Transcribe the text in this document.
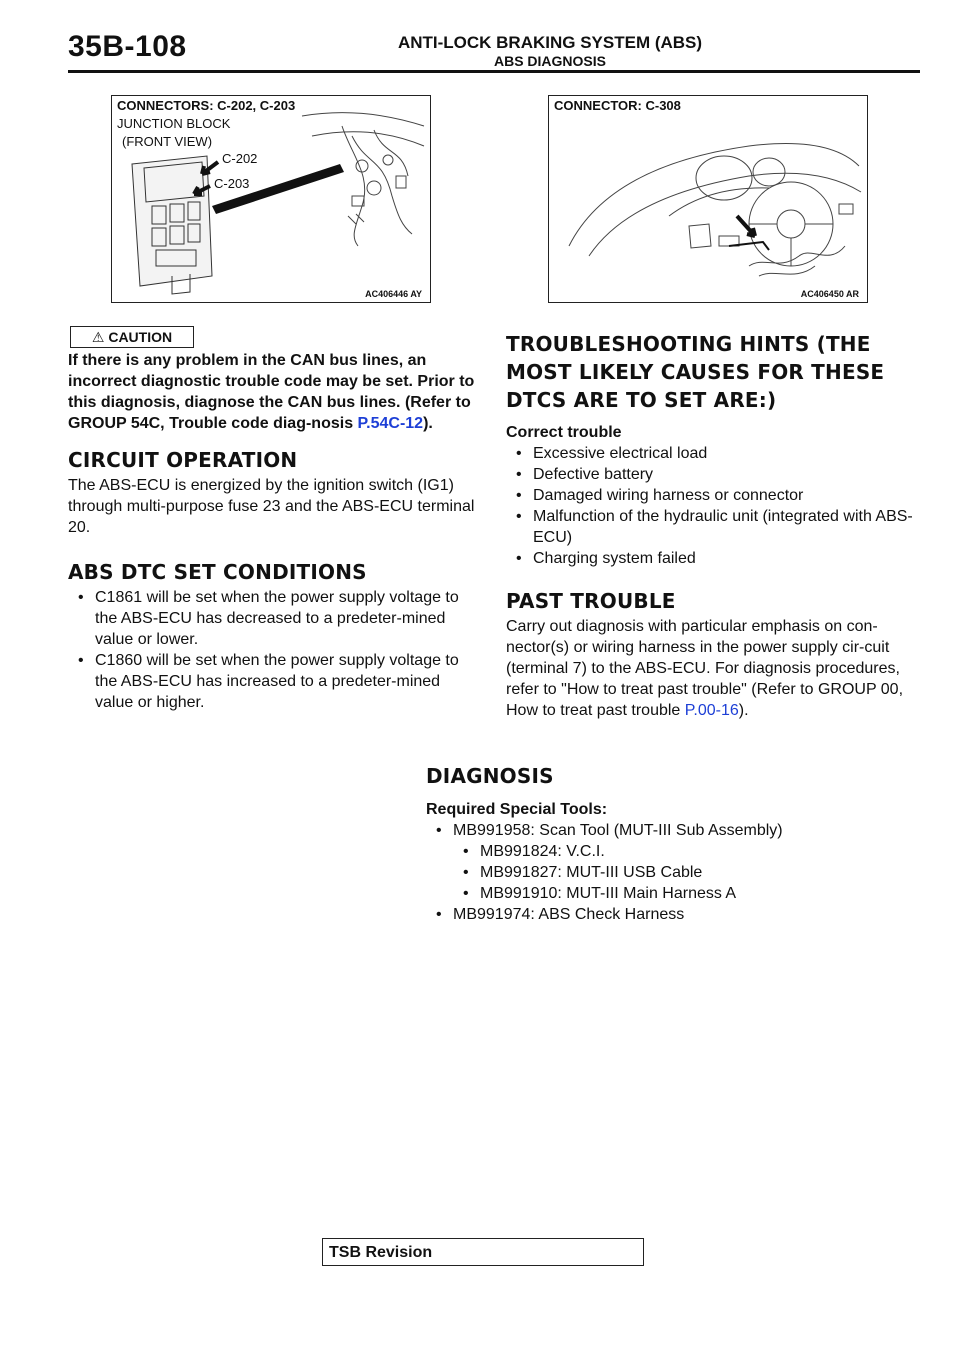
35B-108	ANTI-LOCK BRAKING SYSTEM (ABS)
ABS DIAGNOSIS
CONNECTORS: C-202, C-203
JUNCTION BLOCK
(FRONT VIEW)
C-202
C-203
AC406446 AY
CONNECTOR: C-308
AC406450 AR
⚠ CAUTION

If there is any problem in the CAN bus lines, an incorrect diagnostic trouble code may be set. Prior to this diagnosis, diagnose the CAN bus lines. (Refer to GROUP 54C, Trouble code diag-nosis P.54C-12).

CIRCUIT OPERATION

The ABS-ECU is energized by the ignition switch (IG1) through multi-purpose fuse 23 and the ABS-ECU terminal 20.

ABS DTC SET CONDITIONS
• C1861 will be set when the power supply voltage to the ABS-ECU has decreased to a predeter-mined value or lower.
• C1860 will be set when the power supply voltage to the ABS-ECU has increased to a predeter-mined value or higher.
TROUBLESHOOTING HINTS (THE MOST LIKELY CAUSES FOR THESE DTCS ARE TO SET ARE:)
Correct trouble
• Excessive electrical load
• Defective battery
• Damaged wiring harness or connector
• Malfunction of the hydraulic unit (integrated with ABS-ECU)
• Charging system failed
PAST TROUBLE

Carry out diagnosis with particular emphasis on con-nector(s) or wiring harness in the power supply cir-cuit (terminal 7) to the ABS-ECU. For diagnosis procedures, refer to "How to treat past trouble" (Refer to GROUP 00, How to treat past trouble P.00-16).

DIAGNOSIS
Required Special Tools:
• MB991958: Scan Tool (MUT-III Sub Assembly)
• MB991824: V.C.I.
• MB991827: MUT-III USB Cable
• MB991910: MUT-III Main Harness A
• MB991974: ABS Check Harness
TSB Revision
